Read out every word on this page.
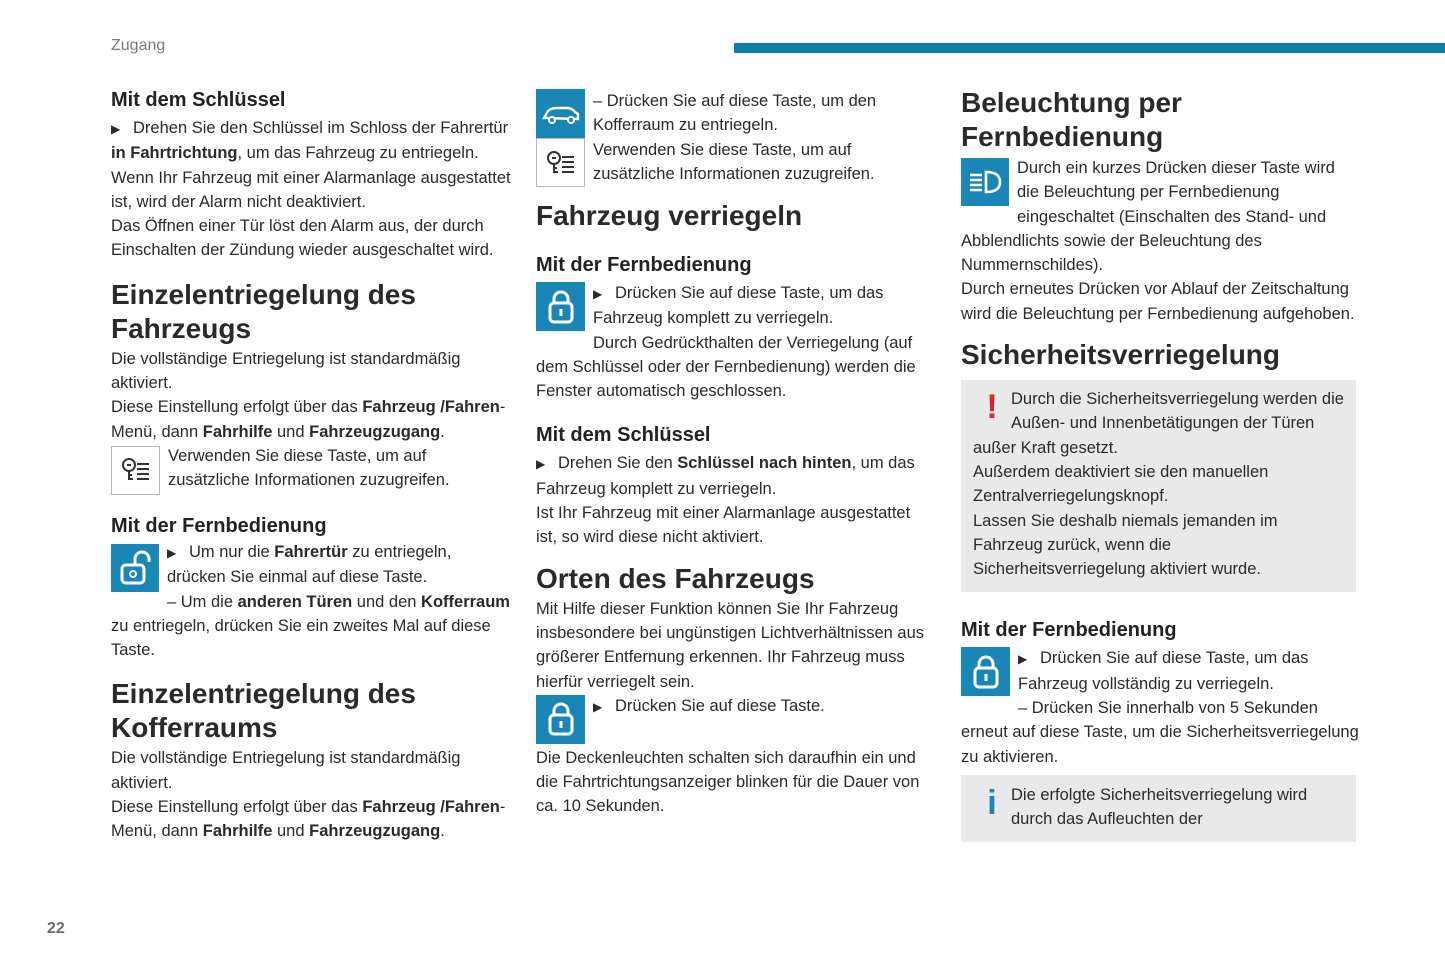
Zugang
Mit dem Schlüssel

▶ Drehen Sie den Schlüssel im Schloss der Fahrertür in Fahrtrichtung, um das Fahrzeug zu entriegeln.

Wenn Ihr Fahrzeug mit einer Alarmanlage ausgestattet ist, wird der Alarm nicht deaktiviert.

Das Öffnen einer Tür löst den Alarm aus, der durch Einschalten der Zündung wieder ausgeschaltet wird.

Einzelentriegelung des
Fahrzeugs

Die vollständige Entriegelung ist standardmäßig aktiviert.

Diese Einstellung erfolgt über das Fahrzeug /Fahren-Menü, dann Fahrhilfe und Fahrzeugzugang.

Verwenden Sie diese Taste, um auf zusätzliche Informationen zuzugreifen.

Mit der Fernbedienung

▶ Um nur die Fahrertür zu entriegeln, drücken Sie einmal auf diese Taste.

– Um die anderen Türen und den Kofferraum zu entriegeln, drücken Sie ein zweites Mal auf diese Taste.

Einzelentriegelung des
Kofferraums

Die vollständige Entriegelung ist standardmäßig aktiviert.

Diese Einstellung erfolgt über das Fahrzeug /Fahren-Menü, dann Fahrhilfe und Fahrzeugzugang.

– Drücken Sie auf diese Taste, um den Kofferraum zu entriegeln.

Verwenden Sie diese Taste, um auf zusätzliche Informationen zuzugreifen.

Fahrzeug verriegeln
Mit der Fernbedienung

▶ Drücken Sie auf diese Taste, um das Fahrzeug komplett zu verriegeln.

Durch Gedrückthalten der Verriegelung (auf dem Schlüssel oder der Fernbedienung) werden die Fenster automatisch geschlossen.

Mit dem Schlüssel

▶ Drehen Sie den Schlüssel nach hinten, um das Fahrzeug komplett zu verriegeln.

Ist Ihr Fahrzeug mit einer Alarmanlage ausgestattet ist, so wird diese nicht aktiviert.

Orten des Fahrzeugs

Mit Hilfe dieser Funktion können Sie Ihr Fahrzeug insbesondere bei ungünstigen Lichtverhältnissen aus größerer Entfernung erkennen. Ihr Fahrzeug muss hierfür verriegelt sein.

▶ Drücken Sie auf diese Taste.

Die Deckenleuchten schalten sich daraufhin ein und die Fahrtrichtungsanzeiger blinken für die Dauer von ca. 10 Sekunden.

Beleuchtung per
Fernbedienung

Durch ein kurzes Drücken dieser Taste wird die Beleuchtung per Fernbedienung eingeschaltet (Einschalten des Stand- und Abblendlichts sowie der Beleuchtung des Nummernschildes).

Durch erneutes Drücken vor Ablauf der Zeitschaltung wird die Beleuchtung per Fernbedienung aufgehoben.

Sicherheitsverriegelung
! Durch die Sicherheitsverriegelung werden die Außen- und Innenbetätigungen der Türen außer Kraft gesetzt.

Außerdem deaktiviert sie den manuellen Zentralverriegelungsknopf.

Lassen Sie deshalb niemals jemanden im Fahrzeug zurück, wenn die Sicherheitsverriegelung aktiviert wurde.

Mit der Fernbedienung

▶ Drücken Sie auf diese Taste, um das Fahrzeug vollständig zu verriegeln.

– Drücken Sie innerhalb von 5 Sekunden erneut auf diese Taste, um die Sicherheitsverriegelung zu aktivieren.

i Die erfolgte Sicherheitsverriegelung wird durch das Aufleuchten der

22
